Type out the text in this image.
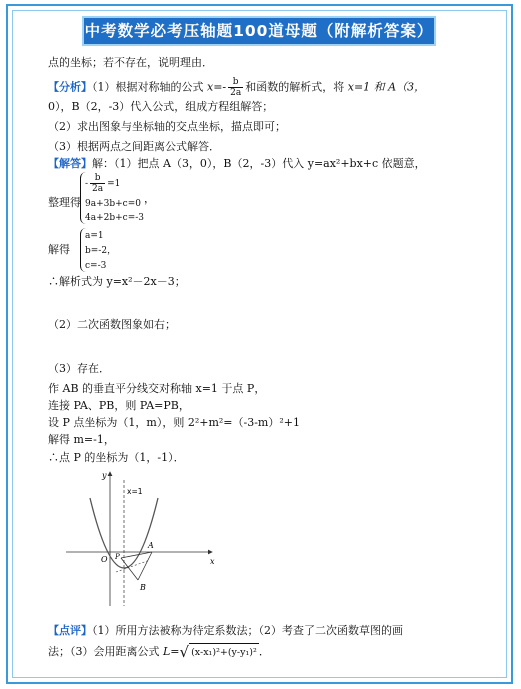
中考数学必考压轴题100道母题（附解析答案）
点的坐标；若不存在，说明理由．
【分析】（1）根据对称轴的公式 $x=- \frac{b}{2a}$ 和函数的解析式，将 x=1 和 A（3，
0），B（2，-3）代入公式，组成方程组解答；
（2）求出图象与坐标轴的交点坐标，描点即可；
（3）根据两点之间距离公式解答．
【解答】解：（1）把点 A（3，0），B（2，-3）代入 y=ax²+bx+c 依题意，
整理得
- $\frac{b}{2a} =1$
9a+3b+c=0
4a+2b+c=-3
，
解得
a=1
b=-2，
c=-3
∴解析式为 y=x²－2x－3；
（2）二次函数图象如右；
（3）存在．
作 AB 的垂直平分线交对称轴 x=1 于点 P，
连接 PA、PB，则 PA=PB，
设 P 点坐标为（1，m），则 2²+m²=（-3-m）²+1
解得 m=-1，
∴点 P 的坐标为（1，-1）．
x
y
O
x=1
A
B
P
【点评】（1）所用方法被称为待定系数法；（2）考查了二次函数草图的画
法；（3）会用距离公式 L=√ (x-x₁)²+(y-y₁)² ．
